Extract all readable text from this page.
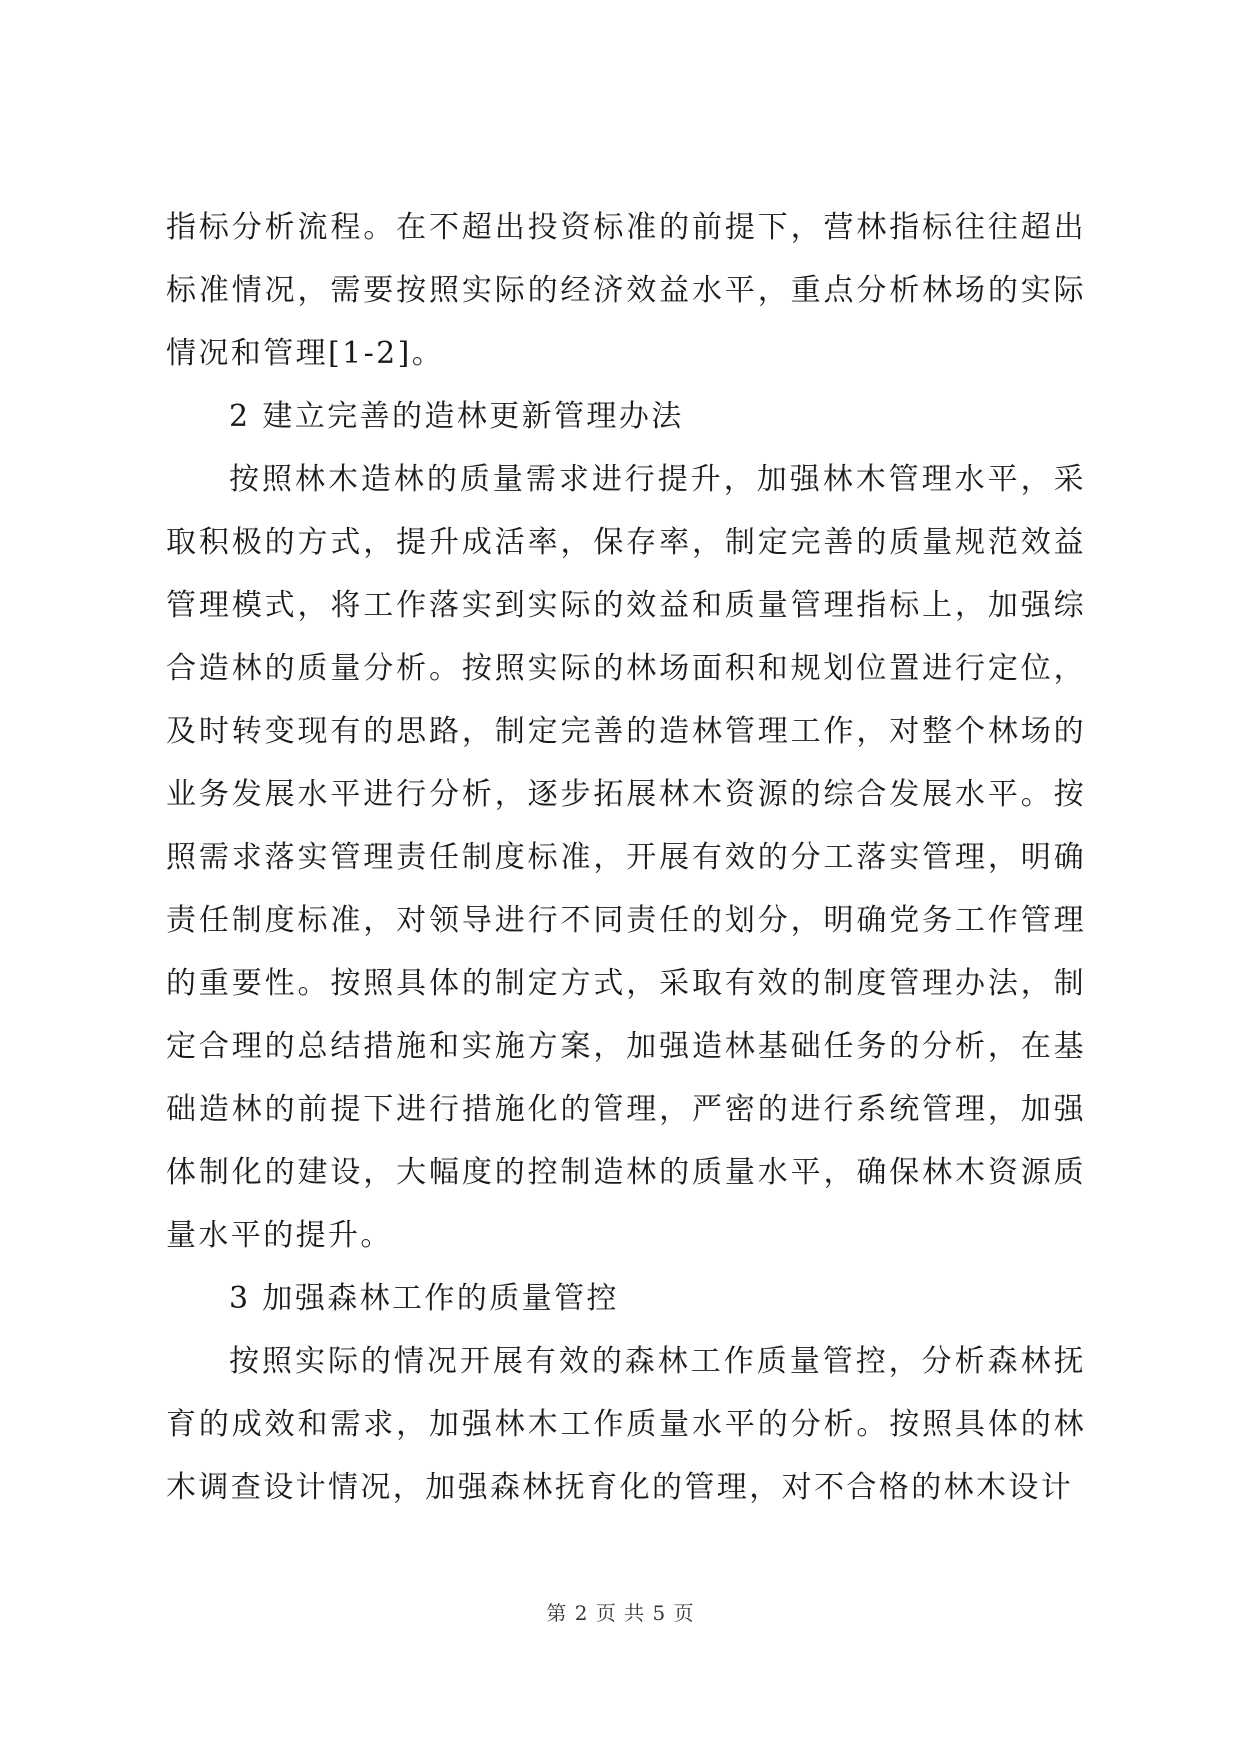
指标分析流程。在不超出投资标准的前提下，营林指标往往超出标准情况，需要按照实际的经济效益水平，重点分析林场的实际情况和管理[1-2]。

2 建立完善的造林更新管理办法

按照林木造林的质量需求进行提升，加强林木管理水平，采取积极的方式，提升成活率，保存率，制定完善的质量规范效益管理模式，将工作落实到实际的效益和质量管理指标上，加强综合造林的质量分析。按照实际的林场面积和规划位置进行定位，及时转变现有的思路，制定完善的造林管理工作，对整个林场的业务发展水平进行分析，逐步拓展林木资源的综合发展水平。按照需求落实管理责任制度标准，开展有效的分工落实管理，明确责任制度标准，对领导进行不同责任的划分，明确党务工作管理的重要性。按照具体的制定方式，采取有效的制度管理办法，制定合理的总结措施和实施方案，加强造林基础任务的分析，在基础造林的前提下进行措施化的管理，严密的进行系统管理，加强体制化的建设，大幅度的控制造林的质量水平，确保林木资源质量水平的提升。

3 加强森林工作的质量管控

按照实际的情况开展有效的森林工作质量管控，分析森林抚育的成效和需求，加强林木工作质量水平的分析。按照具体的林木调查设计情况，加强森林抚育化的管理，对不合格的林木设计

第 2 页 共 5 页
